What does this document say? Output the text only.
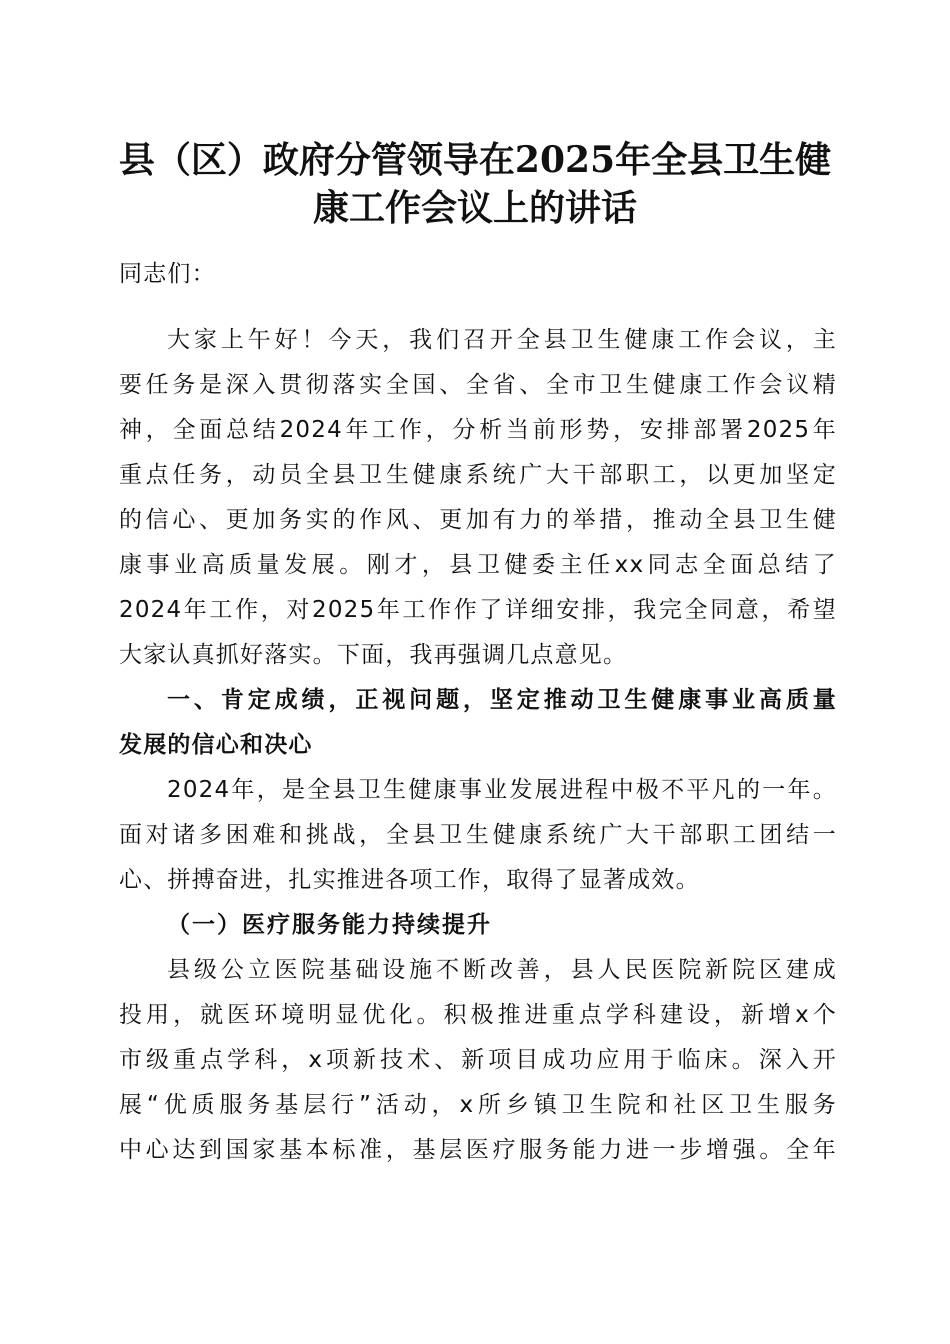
县（区）政府分管领导在2025年全县卫生健
康工作会议上的讲话

同志们：

大家上午好！今天，我们召开全县卫生健康工作会议，主

要任务是深入贯彻落实全国、全省、全市卫生健康工作会议精

神，全面总结2024年工作，分析当前形势，安排部署2025年

重点任务，动员全县卫生健康系统广大干部职工，以更加坚定

的信心、更加务实的作风、更加有力的举措，推动全县卫生健

康事业高质量发展。刚才，县卫健委主任xx同志全面总结了

2024年工作，对2025年工作作了详细安排，我完全同意，希望

大家认真抓好落实。下面，我再强调几点意见。

一、肯定成绩，正视问题，坚定推动卫生健康事业高质量

发展的信心和决心

2024年，是全县卫生健康事业发展进程中极不平凡的一年。

面对诸多困难和挑战，全县卫生健康系统广大干部职工团结一

心、拼搏奋进，扎实推进各项工作，取得了显著成效。

（一）医疗服务能力持续提升

县级公立医院基础设施不断改善，县人民医院新院区建成

投用，就医环境明显优化。积极推进重点学科建设，新增x个

市级重点学科，x项新技术、新项目成功应用于临床。深入开

展“优质服务基层行”活动，x所乡镇卫生院和社区卫生服务

中心达到国家基本标准，基层医疗服务能力进一步增强。全年
